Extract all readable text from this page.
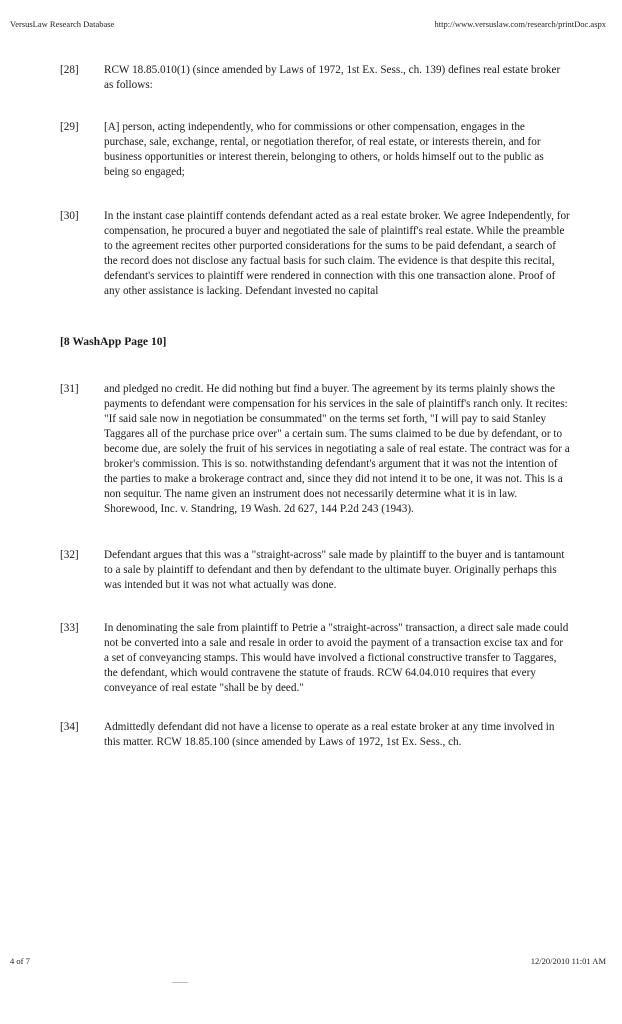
VersusLaw Research Database	http://www.versuslaw.com/research/printDoc.aspx
[28]	RCW 18.85.010(1) (since amended by Laws of 1972, 1st Ex. Sess., ch. 139) defines real estate broker as follows:
[29]	[A] person, acting independently, who for commissions or other compensation, engages in the purchase, sale, exchange, rental, or negotiation therefor, of real estate, or interests therein, and for business opportunities or interest therein, belonging to others, or holds himself out to the public as being so engaged;
[30]	In the instant case plaintiff contends defendant acted as a real estate broker. We agree Independently, for compensation, he procured a buyer and negotiated the sale of plaintiff's real estate. While the preamble to the agreement recites other purported considerations for the sums to be paid defendant, a search of the record does not disclose any factual basis for such claim. The evidence is that despite this recital, defendant's services to plaintiff were rendered in connection with this one transaction alone. Proof of any other assistance is lacking. Defendant invested no capital
[8 WashApp Page 10]
[31]	and pledged no credit. He did nothing but find a buyer. The agreement by its terms plainly shows the payments to defendant were compensation for his services in the sale of plaintiff's ranch only. It recites: "If said sale now in negotiation be consummated" on the terms set forth, "I will pay to said Stanley Taggares all of the purchase price over" a certain sum. The sums claimed to be due by defendant, or to become due, are solely the fruit of his services in negotiating a sale of real estate. The contract was for a broker's commission. This is so. notwithstanding defendant's argument that it was not the intention of the parties to make a brokerage contract and, since they did not intend it to be one, it was not. This is a non sequitur. The name given an instrument does not necessarily determine what it is in law. Shorewood, Inc. v. Standring, 19 Wash. 2d 627, 144 P.2d 243 (1943).
[32]	Defendant argues that this was a "straight-across" sale made by plaintiff to the buyer and is tantamount to a sale by plaintiff to defendant and then by defendant to the ultimate buyer. Originally perhaps this was intended but it was not what actually was done.
[33]	In denominating the sale from plaintiff to Petrie a "straight-across" transaction, a direct sale made could not be converted into a sale and resale in order to avoid the payment of a transaction excise tax and for a set of conveyancing stamps. This would have involved a fictional constructive transfer to Taggares, the defendant, which would contravene the statute of frauds. RCW 64.04.010 requires that every conveyance of real estate "shall be by deed."
[34]	Admittedly defendant did not have a license to operate as a real estate broker at any time involved in this matter. RCW 18.85.100 (since amended by Laws of 1972, 1st Ex. Sess., ch.
4 of 7	12/20/2010 11:01 AM
